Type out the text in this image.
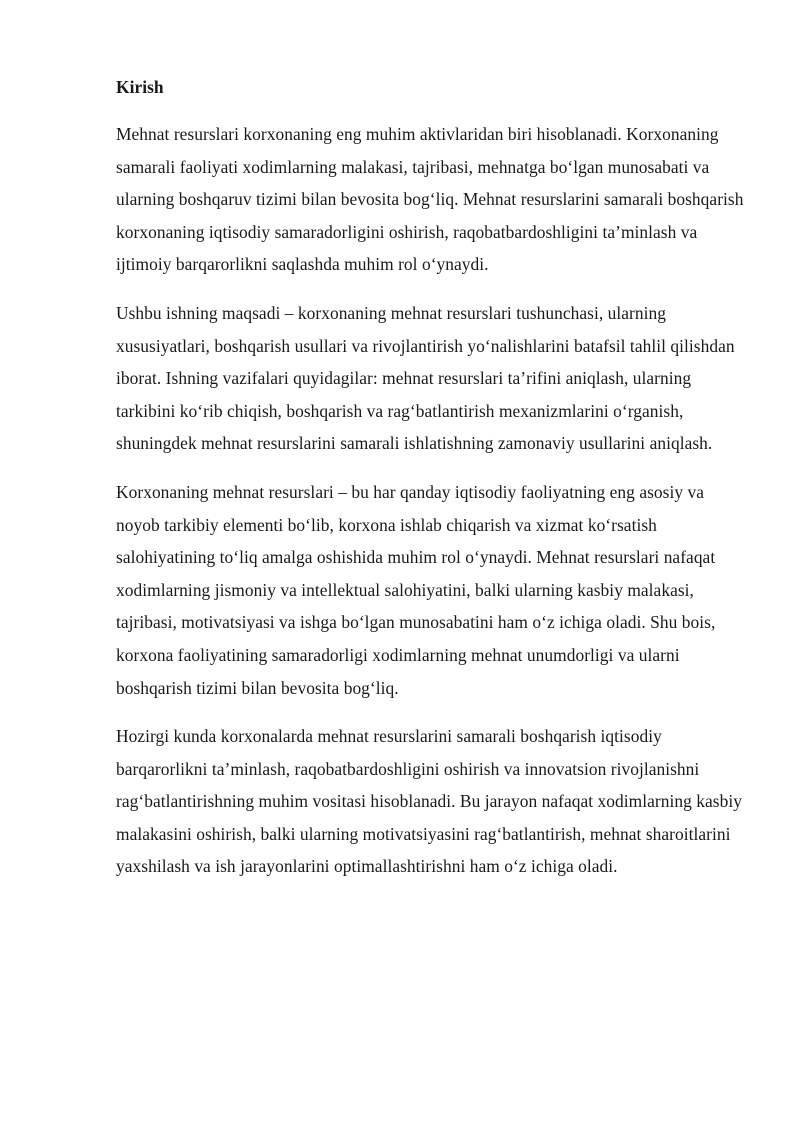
Kirish

Mehnat resurslari korxonaning eng muhim aktivlaridan biri hisoblanadi. Korxonaning samarali faoliyati xodimlarning malakasi, tajribasi, mehnatga bo‘lgan munosabati va ularning boshqaruv tizimi bilan bevosita bog‘liq. Mehnat resurslarini samarali boshqarish korxonaning iqtisodiy samaradorligini oshirish, raqobatbardoshligini ta’minlash va ijtimoiy barqarorlikni saqlashda muhim rol o‘ynaydi.

Ushbu ishning maqsadi – korxonaning mehnat resurslari tushunchasi, ularning xususiyatlari, boshqarish usullari va rivojlantirish yo‘nalishlarini batafsil tahlil qilishdan iborat. Ishning vazifalari quyidagilar: mehnat resurslari ta’rifini aniqlash, ularning tarkibini ko‘rib chiqish, boshqarish va rag‘batlantirish mexanizmlarini o‘rganish, shuningdek mehnat resurslarini samarali ishlatishning zamonaviy usullarini aniqlash.

Korxonaning mehnat resurslari – bu har qanday iqtisodiy faoliyatning eng asosiy va noyob tarkibiy elementi bo‘lib, korxona ishlab chiqarish va xizmat ko‘rsatish salohiyatining to‘liq amalga oshishida muhim rol o‘ynaydi. Mehnat resurslari nafaqat xodimlarning jismoniy va intellektual salohiyatini, balki ularning kasbiy malakasi, tajribasi, motivatsiyasi va ishga bo‘lgan munosabatini ham o‘z ichiga oladi. Shu bois, korxona faoliyatining samaradorligi xodimlarning mehnat unumdorligi va ularni boshqarish tizimi bilan bevosita bog‘liq.

Hozirgi kunda korxonalarda mehnat resurslarini samarali boshqarish iqtisodiy barqarorlikni ta’minlash, raqobatbardoshligini oshirish va innovatsion rivojlanishni rag‘batlantirishning muhim vositasi hisoblanadi. Bu jarayon nafaqat xodimlarning kasbiy malakasini oshirish, balki ularning motivatsiyasini rag‘batlantirish, mehnat sharoitlarini yaxshilash va ish jarayonlarini optimallashtirishni ham o‘z ichiga oladi.
